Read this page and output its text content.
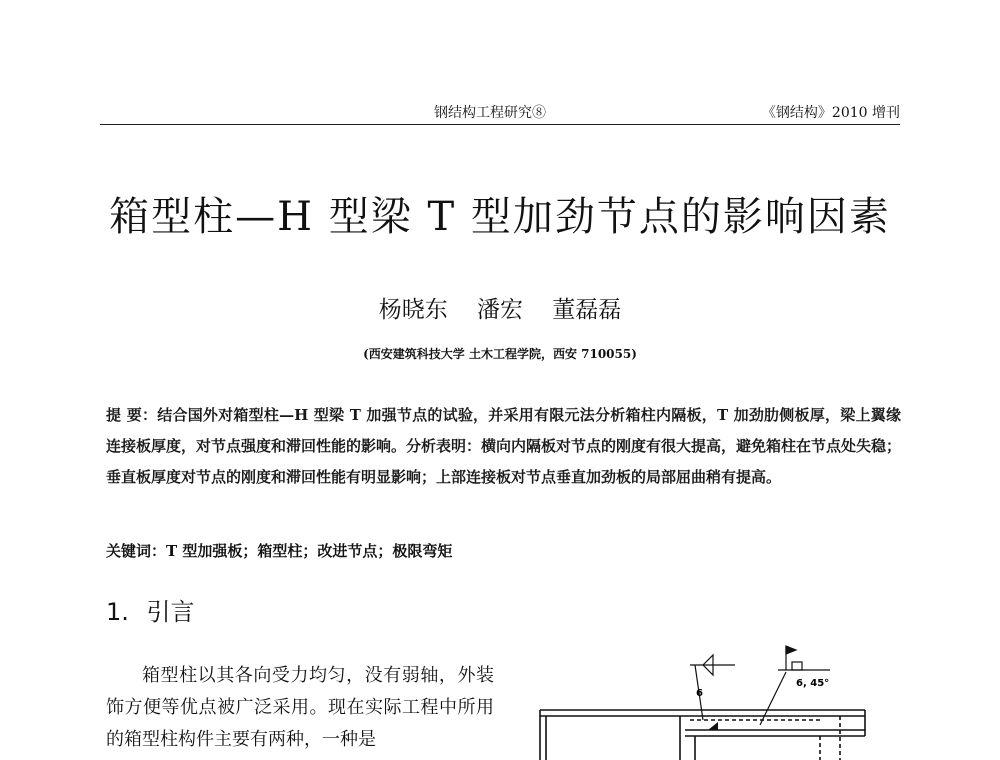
钢结构工程研究⑧	《钢结构》2010 增刊
箱型柱—H 型梁 T 型加劲节点的影响因素
杨晓东 潘宏 董磊磊
(西安建筑科技大学 土木工程学院，西安 710055)
提 要：结合国外对箱型柱—H 型梁 T 加强节点的试验，并采用有限元法分析箱柱内隔板，T 加劲肋侧板厚，梁上翼缘连接板厚度，对节点强度和滞回性能的影响。分析表明：横向内隔板对节点的刚度有很大提高，避免箱柱在节点处失稳；垂直板厚度对节点的刚度和滞回性能有明显影响；上部连接板对节点垂直加劲板的局部屈曲稍有提高。
关键词：T 型加强板；箱型柱；改进节点；极限弯矩
1. 引言

箱型柱以其各向受力均匀，没有弱轴，外装饰方便等优点被广泛采用。现在实际工程中所用的箱型柱构件主要有两种，一种是

6
6, 45°
